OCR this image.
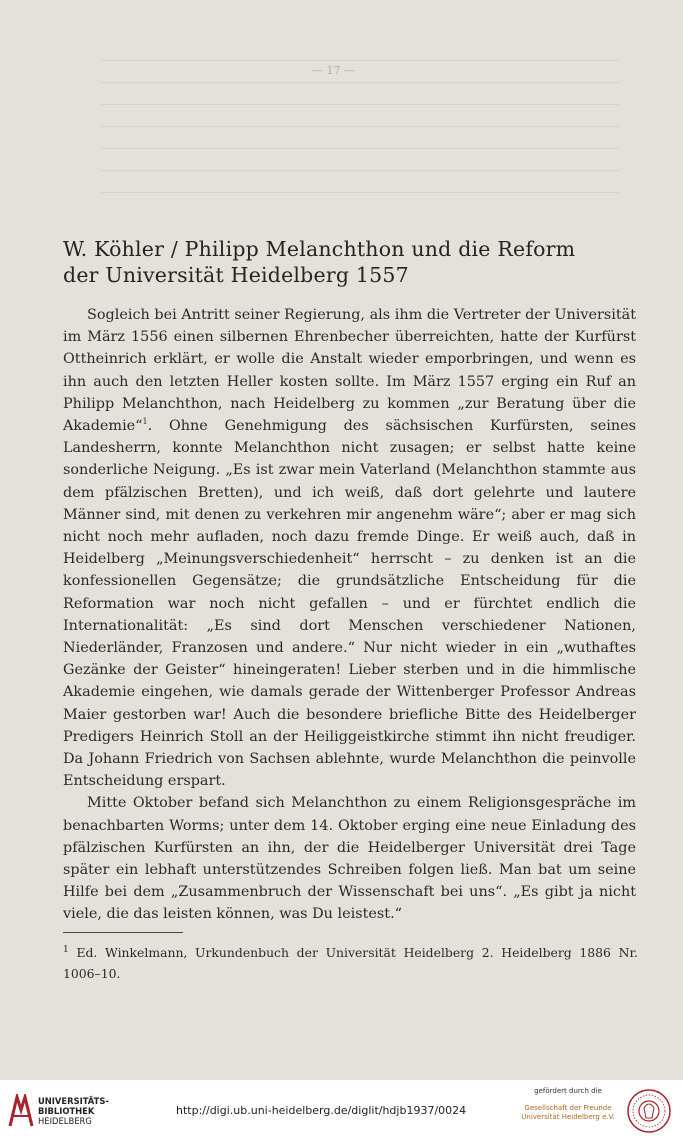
— 17 —
W. Köhler / Philipp Melanchthon und die Reform
der Universität Heidelberg 1557

Sogleich bei Antritt seiner Regierung, als ihm die Vertreter der Universität im März 1556 einen silbernen Ehrenbecher überreichten, hatte der Kurfürst Ottheinrich erklärt, er wolle die Anstalt wieder emporbringen, und wenn es ihn auch den letzten Heller kosten sollte. Im März 1557 erging ein Ruf an Philipp Melanchthon, nach Heidelberg zu kommen „zur Beratung über die Akademie“$^1$. Ohne Genehmigung des sächsischen Kurfürsten, seines Landesherrn, konnte Melanchthon nicht zusagen; er selbst hatte keine sonderliche Neigung. „Es ist zwar mein Vaterland (Melanchthon stammte aus dem pfälzischen Bretten), und ich weiß, daß dort gelehrte und lautere Männer sind, mit denen zu verkehren mir angenehm wäre“; aber er mag sich nicht noch mehr aufladen, noch dazu fremde Dinge. Er weiß auch, daß in Heidelberg „Meinungsverschiedenheit“ herrscht – zu denken ist an die konfessionellen Gegensätze; die grundsätzliche Entscheidung für die Reformation war noch nicht gefallen – und er fürchtet endlich die Internationalität: „Es sind dort Menschen verschiedener Nationen, Niederländer, Franzosen und andere.“ Nur nicht wieder in ein „wuthaftes Gezänke der Geister“ hineingeraten! Lieber sterben und in die himmlische Akademie eingehen, wie damals gerade der Wittenberger Professor Andreas Maier gestorben war! Auch die besondere briefliche Bitte des Heidelberger Predigers Heinrich Stoll an der Heiliggeistkirche stimmt ihn nicht freudiger. Da Johann Friedrich von Sachsen ablehnte, wurde Melanchthon die peinvolle Entscheidung erspart.

Mitte Oktober befand sich Melanchthon zu einem Religionsgespräche im benachbarten Worms; unter dem 14. Oktober erging eine neue Einladung des pfälzischen Kurfürsten an ihn, der die Heidelberger Universität drei Tage später ein lebhaft unterstützendes Schreiben folgen ließ. Man bat um seine Hilfe bei dem „Zusammenbruch der Wissenschaft bei uns“. „Es gibt ja nicht viele, die das leisten können, was Du leistest.“

$^1$ Ed. Winkelmann, Urkundenbuch der Universität Heidelberg 2. Heidelberg 1886 Nr. 1006–10.
UNIVERSITÄTS-
BIBLIOTHEK
HEIDELBERG
http://digi.ub.uni-heidelberg.de/diglit/hdjb1937/0024
gefördert durch die
Gesellschaft der Freunde
Universität Heidelberg e.V.
